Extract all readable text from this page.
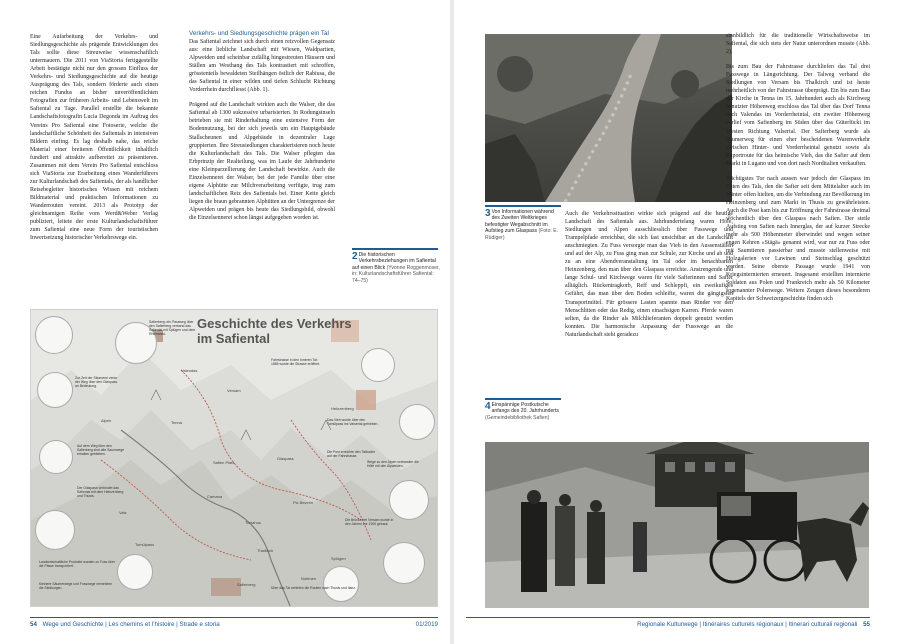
Eine Aufarbeitung der Verkehrs- und Siedlungsgeschichte als prägende Entwicklungen des Tals sollte diese Streuweise wissenschaftlich untermauern. Die 2011 von ViaStoria fertiggestellte Arbeit bestätigte nicht nur den grossen Einfluss der Verkehrs- und Siedlungsgeschichte auf die heutige Ausprägung des Tals, sondern förderte auch einen reichen Fundus an bisher unveröffentlichten Fotografien zur früheren Arbeits- und Lebenswelt im Safiental zu Tage. Parallel erstellte die bekannte Landschaftsfotografin Lucia Degonda im Auftrag des Vereins Pro Safiental eine Fotoserie, welche die landschaftliche Schönheit des Safientals in intensiven Bildern einfing. Es lag deshalb nahe, das reiche Material einer breiteren Öffentlichkeit inhaltlich fundiert und attraktiv aufbereitet zu präsentieren. Zusammen mit dem Verein Pro Safiental entschloss sich ViaStoria zur Erarbeitung eines Wanderführers zur Kulturlandschaft des Safientals, der als handlicher Reisebegleiter historisches Wissen mit reichem Bildmaterial und praktischen Informationen zu Wanderrouten vereint. 2013 als Prototyp der gleichnamigen Reihe vom Werd&Weber Verlag publiziert, leitete der erste Kulturlandschaftsführer zum Safiental eine neue Form der touristischen Inwertsetzung historischer Verkehrswege ein.

Verkehrs- und Siedlungsgeschichte prägen ein Tal

Das Safiental zeichnet sich durch einen reizvollen Gegensatz aus: eine liebliche Landschaft mit Wiesen, Waldpartien, Alpweiden und scheinbar zufällig hingestreuten Häusern und Ställen am Westhang des Tals kontrastiert mit schroffen, grösstenteils bewaldeten Steilhängen östlich der Rabiusa, die das Safiental in einer wilden und tiefen Schlucht Richtung Vorderrhein durchfliesst (Abb. 1).

Prägend auf die Landschaft wirkten auch die Walser, die das Safiental ab 1300 sukzessive urbarisierten. In Rodungsinseln betrieben sie mit Rinderhaltung eine extensive Form der Bodennutzung, bei der sich jeweils um ein Hauptgebäude Stallscheunen und Alpgebäude in dezentraler Lage gruppierten. Ihre Streusiedlungen charakterisieren noch heute die Kulturlandschaft des Tals. Die Walser pflegten das Erbprinzip der Realteilung, was im Laufe der Jahrhunderte eine Kleinparzellierung der Landschaft bewirkte. Auch die Einzelsennerei der Walser, bei der jede Familie über eine eigene Alphütte zur Milchverarbeitung verfügte, trug zum landschaftlichen Reiz des Safientals bei. Einer Kette gleich liegen die braun gebrannten Alphütten an der Untergrenze der Alpweiden und prägen bis heute das Siedlungsbild, obwohl die Einzelsennerei schon längst aufgegeben worden ist.

2 Die historischen Verkehrsbeziehungen im Safiental auf einen Blick (Yvonne Roggenmoser, in: Kulturlandschaftsführer Safiental: 74–75)
Geschichte des Verkehrs
im Safiental
Safierberg: ein Passweg über den Safierberg verband das Safiental mit Splügen und dem Rheinwald.
Zur Zeit der Säumerei verlor der Weg über den Glaspass an Bedeutung.
Fahrstrasse in den Inneren Tal: 1885 wurde die Strasse eröffnet.
Das Vieh wurde über den Tomülpass ins Valsertal getrieben.
Die Post erreichte den Talboden auf der Fahrstrasse.
Wege zu den Alpen verbanden die Höfe mit den Alpweiden.
Auf dem Weg über den Safierberg sind alte Saumwege erhalten geblieben.
Der Glaspass verbindet das Safiental mit dem Heinzenberg und Thusis.
Die Brücke bei Versam wurde in den Jahren vor 1900 gebaut.
Landwirtschaftliche Produkte wurden zu Fuss über die Pässe transportiert.
Kleinere Säumerwege und Fusswege vernetzten die Siedlungen.	Über das Tal verliefen die Routen nach Thusis und Ilanz.
Valendas
Versam
Tenna
Safien Platz
Thalkirch
Piz Beverin
Glaspass
Splügen
Nufenen
Vals
Safierberg
Alpen
Tomülpass
Heinzenberg
Turrahus
Camana
54 Wege und Geschichte | Les chemins et l’histoire | Strade e storia	01/2019
3 Von Informationen während des Zweiten Weltkrieges befestigter Wegabschnitt im Aufstieg zum Glaspass (Foto: E. Rüdiger)
4 Einspännige Postkutsche anfangs des 20. Jahrhunderts (Gemeindebibliothek Safien)

Auch die Verkehrssituation wirkte sich prägend auf die heutige Landschaft des Safientals aus. Jahrhundertelang waren Höfe, Siedlungen und Alpen ausschliesslich über Fusswege und Trampelpfade erreichbar, die sich fast unsichtbar an die Landschaft anschmiegten. Zu Fuss versorgte man das Vieh in den Aussenställen und auf der Alp, zu Fuss ging man zur Schule, zur Kirche und ab und zu an eine Abendveranstaltung im Tal oder im benachbarten Heinzenberg, den man über den Glaspass erreichte. Anstrengende und lange Schul- und Kirchwege waren für viele Safierinnen und Safier alltäglich. Rückentragkorb, Reff und Schleppfi, ein zweikufiges Gefährt, das man über den Boden schleifte, waren die gängigsten Transportmittel. Für grössere Lasten spannte man Rinder vor den Menschlitten oder das Redig, einen einachsigen Karren. Pferde waren selten, da die Rinder als Milchlieferanten doppelt genutzt werden konnten. Die harmonische Anpassung der Fusswege an die Naturlandschaft steht geradezu

sinnbildlich für die traditionelle Wirtschaftsweise im Safiental, die sich stets der Natur unterordnen musste (Abb. 2).

Bis zum Bau der Fahrstrasse durchliefen das Tal drei Fusswege in Längsrichtung. Der Talweg verband die Siedlungen von Versam bis Thalkirch und ist heute mehrheitlich von der Fahrstrasse überprägt. Ein bis zum Bau der Kirche in Tenna im 15. Jahrhundert auch als Kirchweg benutzter Höhenweg erschloss das Tal über das Dorf Tenna nach Valendas im Vorderrheintal, ein zweiter Höhenweg verlief vom Safienberg im Süden über das Güterlücki im Westen Richtung Valsertal. Der Safierberg wurde als Säumerweg für einen eher bescheidenen Warenverkehr zwischen Hinter- und Vorderrheintal genutzt sowie als Exportroute für das heimische Vieh, das die Safier auf dem Markt in Lugano und von dort nach Norditalien verkauften.

Wichtigstes Tor nach aussen war jedoch der Glaspass im Osten des Tals, den die Safier seit dem Mittelalter auch im Winter offen hielten, um die Verbindung zur Bevölkerung im Heinzenberg und zum Markt in Thusis zu gewährleisten. Auch die Post kam bis zur Eröffnung der Fahrstrasse dreimal wöchentlich über den Glaspass nach Safien. Der steile Aufstieg von Safien nach Innerglas, der auf kurzer Strecke mehr als 500 Höhenmeter überwindet und wegen seiner engen Kehren «Stägä» genannt wird, war nur zu Fuss oder mit Saumtieren passierbar und musste stellenweise mit Holzgalerien vor Lawinen und Steinschlag geschützt werden. Seine oberste Passage wurde 1941 von Kriegsinternierten erneuert. Insgesamt erstellten internierte Soldaten aus Polen und Frankreich mehr als 50 Kilometer sogenannter Polenwege. Weitere Zeugen dieses besonderen Kapitels der Schweizergeschichte finden sich

Regionale Kulturwege | Itinéraires culturels régionaux | Itinerari culturali regionali 55
